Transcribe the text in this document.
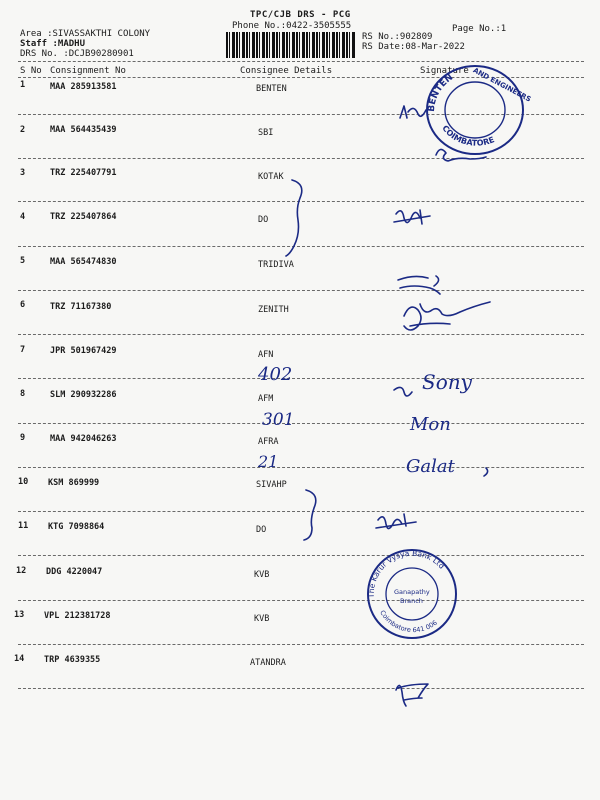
TPC/CJB DRS - PCG
Phone No.:0422-3505555
Area :SIVASSAKTHI COLONY
Staff :MADHU
DRS No. :DCJB90280901
Page No.:1
RS No.:902809
RS Date:08-Mar-2022
S No Consignment No	Consignee Details	Signature
1	MAA 285913581	BENTEN
2	MAA 564435439	SBI
3	TRZ 225407791	KOTAK
4	TRZ 225407864	DO
5	MAA 565474830	TRIDIVA
6	TRZ 71167380	ZENITH
7	JPR 501967429	AFN
8	SLM 290932286	AFM
9	MAA 942046263	AFRA
10 KSM 869999	SIVAHP
11 KTG 7098864	DO
12 DDG 4220047	KVB
13 VPL 212381728	KVB
14 TRP 4639355	ATANDRA
402
301
21
Sony
Mon
Galat
BENTEN AND ENGINEERS
COIMBATORE
The Karur Vysya Bank Ltd
Ganapathy
Branch
Coimbatore 641 006
